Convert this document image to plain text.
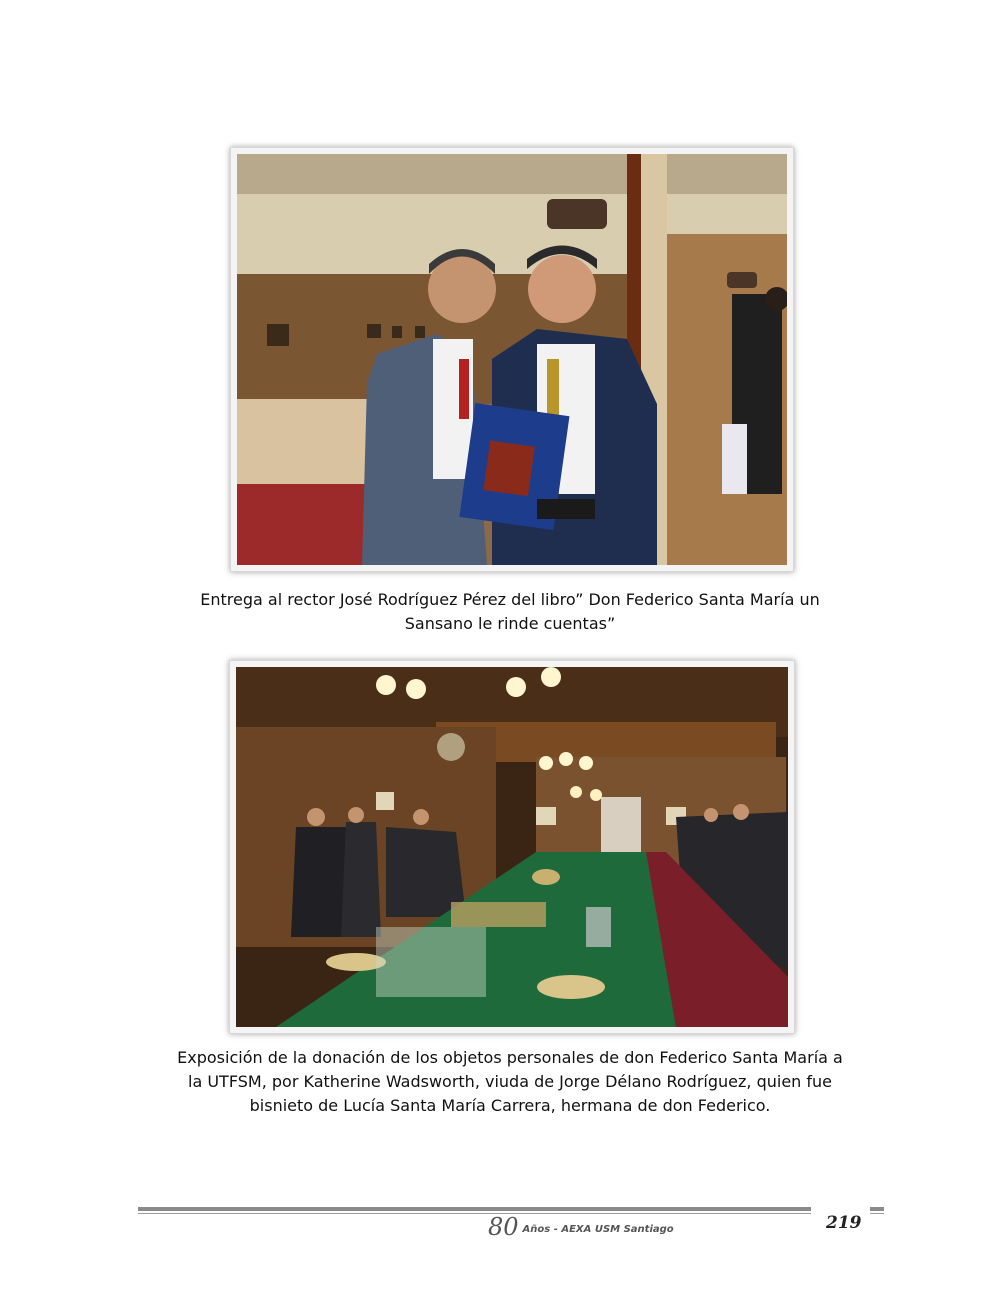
Entrega al rector José Rodríguez Pérez del libro” Don Federico Santa María un
Sansano le rinde cuentas”
Exposición de la donación de los objetos personales de don Federico Santa María a
la UTFSM, por Katherine Wadsworth, viuda de Jorge Délano Rodríguez, quien fue
bisnieto de Lucía Santa María Carrera, hermana de don Federico.
80 Años - AEXA USM Santiago	219
